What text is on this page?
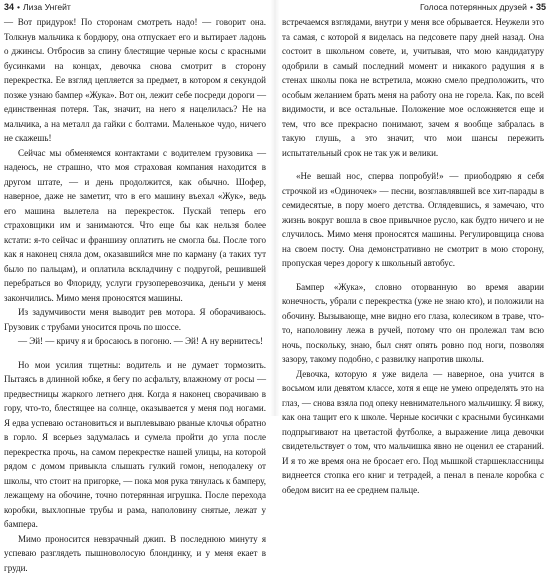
34 • Лиза Унгейт

— Вот придурок! По сторонам смотреть надо! — говорит она. Толкнув мальчика к бордюру, она отпускает его и вытирает ладонь о джинсы. Отбросив за спину блестящие черные косы с красными бусинками на концах, девочка снова смотрит в сторону перекрестка. Ее взгляд цепляется за предмет, в котором я секундой позже узнаю бампер «Жука». Вот он, лежит себе посреди дороги — единственная потеря. Так, значит, на него я нацелилась? Не на мальчика, а на металл да гайки с болтами. Маленькое чудо, ничего не скажешь!

Сейчас мы обменяемся контактами с водителем грузовика — надеюсь, не страшно, что моя страховая компания находится в другом штате, — и день продолжится, как обычно. Шофер, наверное, даже не заметит, что в его машину въехал «Жук», ведь его машина вылетела на перекресток. Пускай теперь его страховщики им и занимаются. Что еще бы как нельзя более кстати: я-то сейчас и франшизу оплатить не смогла бы. После того как я наконец сняла дом, оказавшийся мне по карману (а таких тут было по пальцам), и оплатила вскладчину с подругой, решившей перебраться во Флориду, услуги грузоперевозчика, деньги у меня закончились. Мимо меня проносятся машины.

Из задумчивости меня выводит рев мотора. Я оборачиваюсь. Грузовик с трубами уносится прочь по шоссе.

— Эй! — кричу я и бросаюсь в погоню. — Эй! А ну вернитесь!

Но мои усилия тщетны: водитель и не думает тормозить. Пытаясь в длинной юбке, я бегу по асфальту, влажному от росы — предвестницы жаркого летнего дня. Когда я наконец сворачиваю в гору, что-то, блестящее на солнце, оказывается у меня под ногами. Я едва успеваю остановиться и выплевываю рваные клочья обратно в горло. Я всерьез задумалась и сумела пройти до угла после перекрестка прочь, на самом перекрестке нашей улицы, на которой рядом с домом привыкла слышать гулкий гомон, неподалеку от школы, что стоит на пригорке, — пока моя рука тянулась к бамперу, лежащему на обочине, точно потерянная игрушка. После перехода коробки, выхлопные трубы и рама, наполовину снятые, лежат у бампера.

Мимо проносится невзрачный джип. В последнюю минуту я успеваю разглядеть пышноволосую блондинку, и у меня екает в груди.

Голоса потерянных друзей • 35

встречаемся взглядами, внутри у меня все обрывается. Неужели это та самая, с которой я виделась на педсовете пару дней назад. Она состоит в школьном совете, и, учитывая, что мою кандидатуру одобрили в самый последний момент и никакого радушия я в стенах школы пока не встретила, можно смело предположить, что особым желанием брать меня на работу она не горела. Как, по всей видимости, и все остальные. Положение мое осложняется еще и тем, что все прекрасно понимают, зачем я вообще забралась в такую глушь, а это значит, что мои шансы пережить испытательный срок не так уж и велики.

«Не вешай нос, сперва попробуй!» — приободряю я себя строчкой из «Одиночек» — песни, возглавлявшей все хит-парады в семидесятые, в пору моего детства. Оглядевшись, я замечаю, что жизнь вокруг вошла в свое привычное русло, как будто ничего и не случилось. Мимо меня проносятся машины. Регулировщица снова на своем посту. Она демонстративно не смотрит в мою сторону, пропуская через дорогу к школьный автобус.

Бампер «Жука», словно оторванную во время аварии конечность, убрали с перекрестка (уже не знаю кто), и положили на обочину. Вызывающе, мне видно его глаза, колесиком в траве, что-то, наполовину лежа в ручей, потому что он пролежал там всю ночь, поскольку, знаю, был снят опять ровно под ноги, позволяя зазору, такому подобно, с развилку напротив школы.

Девочка, которую я уже видела — наверное, она учится в восьмом или девятом классе, хотя я еще не умею определять это на глаз, — снова взяла под опеку невнимательного мальчишку. Я вижу, как она тащит его к школе. Черные косички с красными бусинками подпрыгивают на цветастой футболке, а выражение лица девочки свидетельствует о том, что мальчишка явно не оценил ее стараний. И я то же время она не бросает его. Под мышкой старшеклассницы виднеется стопка его книг и тетрадей, а пенал в пенале коробка с обедом висит на ее среднем пальце.
